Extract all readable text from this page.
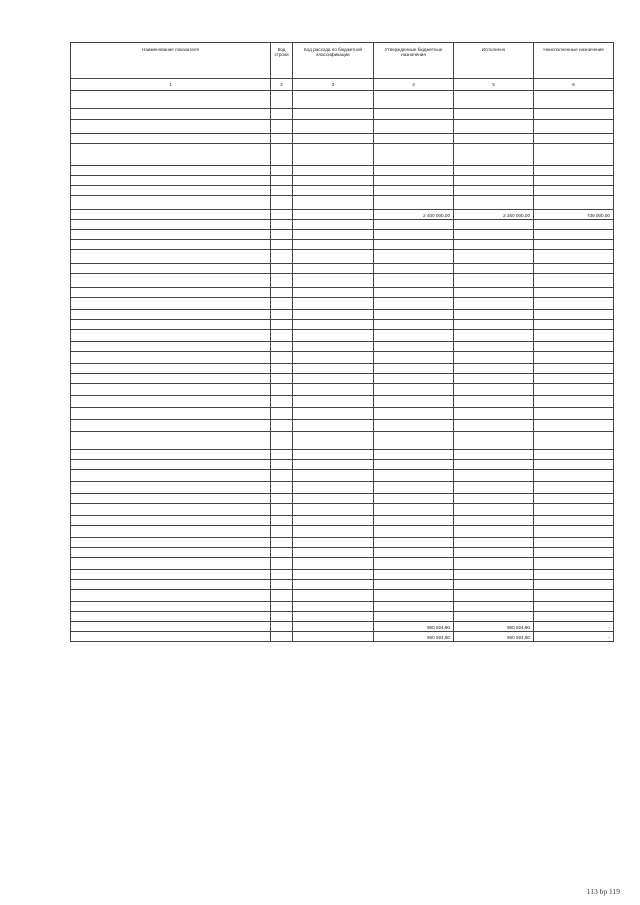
Наименование показателя	Код строки	Код расхода по бюджетной классификации	Утвержденные бюджетные назначения	Исполнено	Неисполненные назначения
1	2	3	4	5	6

			2 400 000,00	2 250 000,00	738 000,00

			960 924,90	960 924,90	-
			960 924,90	960 924,90	-
113 bp 119
